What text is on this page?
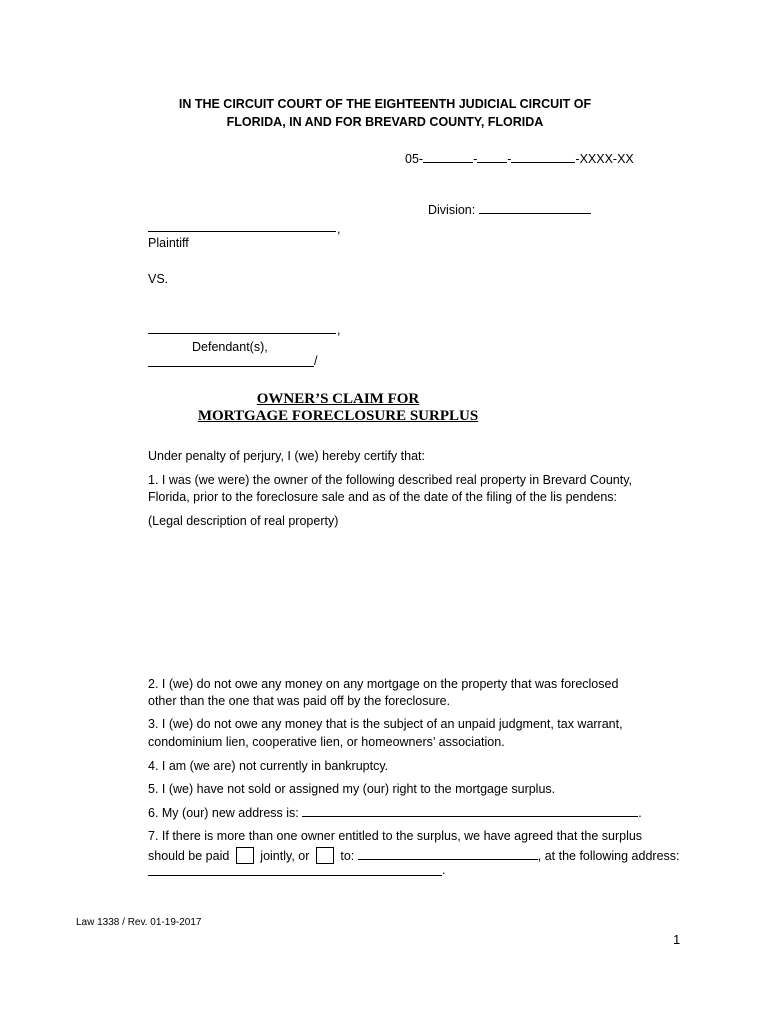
IN THE CIRCUIT COURT OF THE EIGHTEENTH JUDICIAL CIRCUIT OF
FLORIDA, IN AND FOR BREVARD COUNTY, FLORIDA
05-	- -	-XXXX-XX
Division:
,
Plaintiff
VS.
,
Defendant(s),
/
OWNER’S CLAIM FOR
MORTGAGE FORECLOSURE SURPLUS
Under penalty of perjury, I (we) hereby certify that:
1. I was (we were) the owner of the following described real property in Brevard County,
Florida, prior to the foreclosure sale and as of the date of the filing of the lis pendens:
(Legal description of real property)
2. I (we) do not owe any money on any mortgage on the property that was foreclosed
other than the one that was paid off by the foreclosure.
3. I (we) do not owe any money that is the subject of an unpaid judgment, tax warrant,
condominium lien, cooperative lien, or homeowners’ association.
4. I am (we are) not currently in bankruptcy.
5. I (we) have not sold or assigned my (our) right to the mortgage surplus.
6. My (our) new address is:	.
7. If there is more than one owner entitled to the surplus, we have agreed that the surplus
should be paid jointly, or to:	, at the following address:
.
Law 1338 / Rev. 01-19-2017
1
